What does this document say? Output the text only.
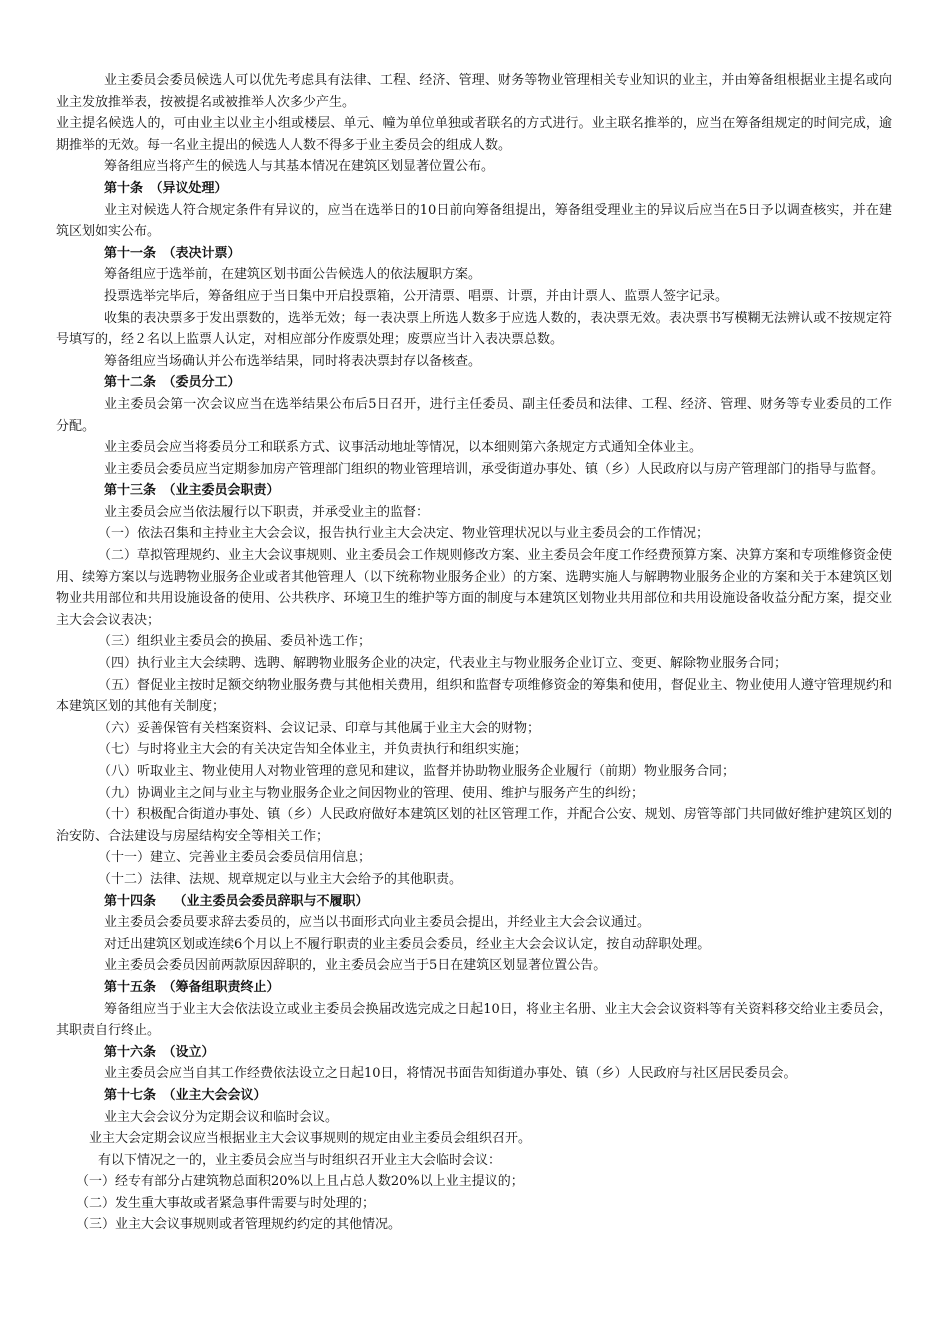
业主委员会委员候选人可以优先考虑具有法律、工程、经济、管理、财务等物业管理相关专业知识的业主，并由筹备组根据业主提名或向业主发放推举表，按被提名或被推举人次多少产生。

业主提名候选人的，可由业主以业主小组或楼层、单元、幢为单位单独或者联名的方式进行。业主联名推举的，应当在筹备组规定的时间完成，逾期推举的无效。每一名业主提出的候选人人数不得多于业主委员会的组成人数。

筹备组应当将产生的候选人与其基本情况在建筑区划显著位置公布。

第十条　（异议处理）

业主对候选人符合规定条件有异议的，应当在选举日的10日前向筹备组提出，筹备组受理业主的异议后应当在5日予以调查核实，并在建筑区划如实公布。

第十一条　（表决计票）

筹备组应于选举前，在建筑区划书面公告候选人的依法履职方案。

投票选举完毕后，筹备组应于当日集中开启投票箱，公开清票、唱票、计票，并由计票人、监票人签字记录。

收集的表决票多于发出票数的，选举无效；每一表决票上所选人数多于应选人数的，表决票无效。表决票书写模糊无法辨认或不按规定符号填写的，经２名以上监票人认定，对相应部分作废票处理；废票应当计入表决票总数。

筹备组应当场确认并公布选举结果，同时将表决票封存以备核查。

第十二条　（委员分工）

业主委员会第一次会议应当在选举结果公布后5日召开，进行主任委员、副主任委员和法律、工程、经济、管理、财务等专业委员的工作分配。

业主委员会应当将委员分工和联系方式、议事活动地址等情况，以本细则第六条规定方式通知全体业主。

业主委员会委员应当定期参加房产管理部门组织的物业管理培训，承受街道办事处、镇（乡）人民政府以与房产管理部门的指导与监督。

第十三条　（业主委员会职责）

业主委员会应当依法履行以下职责，并承受业主的监督：

（一）依法召集和主持业主大会会议，报告执行业主大会决定、物业管理状况以与业主委员会的工作情况；

（二）草拟管理规约、业主大会议事规则、业主委员会工作规则修改方案、业主委员会年度工作经费预算方案、决算方案和专项维修资金使用、续筹方案以与选聘物业服务企业或者其他管理人（以下统称物业服务企业）的方案、选聘实施人与解聘物业服务企业的方案和关于本建筑区划物业共用部位和共用设施设备的使用、公共秩序、环境卫生的维护等方面的制度与本建筑区划物业共用部位和共用设施设备收益分配方案，提交业主大会会议表决；

（三）组织业主委员会的换届、委员补选工作；

（四）执行业主大会续聘、选聘、解聘物业服务企业的决定，代表业主与物业服务企业订立、变更、解除物业服务合同；

（五）督促业主按时足额交纳物业服务费与其他相关费用，组织和监督专项维修资金的筹集和使用，督促业主、物业使用人遵守管理规约和本建筑区划的其他有关制度；

（六）妥善保管有关档案资料、会议记录、印章与其他属于业主大会的财物；

（七）与时将业主大会的有关决定告知全体业主，并负责执行和组织实施；

（八）听取业主、物业使用人对物业管理的意见和建议，监督并协助物业服务企业履行（前期）物业服务合同；

（九）协调业主之间与业主与物业服务企业之间因物业的管理、使用、维护与服务产生的纠纷；

（十）积极配合街道办事处、镇（乡）人民政府做好本建筑区划的社区管理工作，并配合公安、规划、房管等部门共同做好维护建筑区划的治安防、合法建设与房屋结构安全等相关工作；

（十一）建立、完善业主委员会委员信用信息；

（十二）法律、法规、规章规定以与业主大会给予的其他职责。

第十四条　 （业主委员会委员辞职与不履职）

业主委员会委员要求辞去委员的，应当以书面形式向业主委员会提出，并经业主大会会议通过。

对迁出建筑区划或连续6个月以上不履行职责的业主委员会委员，经业主大会会议认定，按自动辞职处理。

业主委员会委员因前两款原因辞职的，业主委员会应当于5日在建筑区划显著位置公告。

第十五条　（筹备组职责终止）

筹备组应当于业主大会依法设立或业主委员会换届改选完成之日起10日，将业主名册、业主大会会议资料等有关资料移交给业主委员会，其职责自行终止。

第十六条　（设立）

业主委员会应当自其工作经费依法设立之日起10日，将情况书面告知街道办事处、镇（乡）人民政府与社区居民委员会。

第十七条　（业主大会会议）

业主大会会议分为定期会议和临时会议。

业主大会定期会议应当根据业主大会议事规则的规定由业主委员会组织召开。

有以下情况之一的，业主委员会应当与时组织召开业主大会临时会议：

（一）经专有部分占建筑物总面积20%以上且占总人数20%以上业主提议的；

（二）发生重大事故或者紧急事件需要与时处理的；

（三）业主大会议事规则或者管理规约约定的其他情况。
